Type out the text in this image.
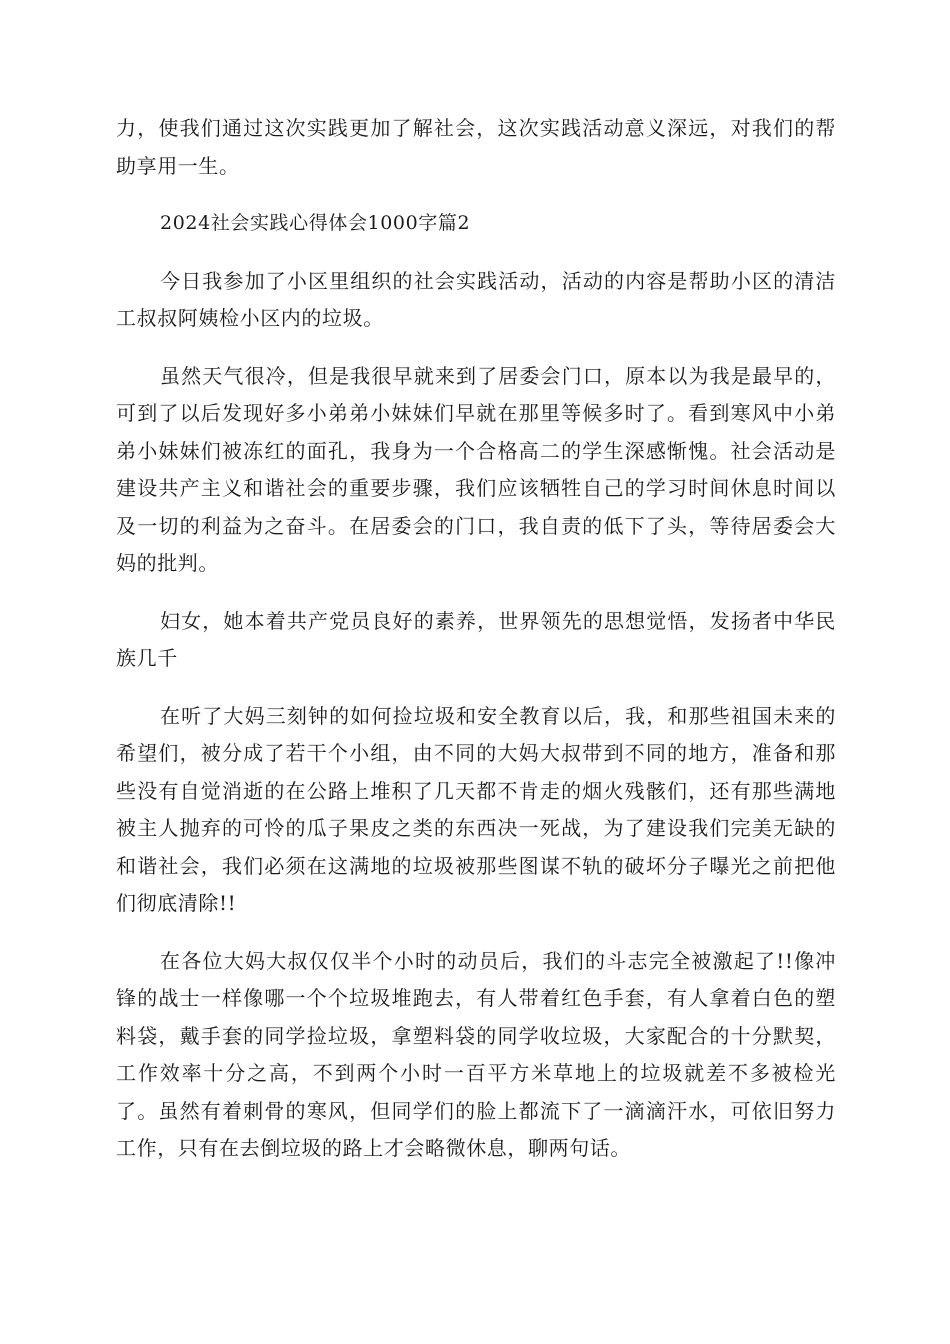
力，使我们通过这次实践更加了解社会，这次实践活动意义深远，对我们的帮助享用一生。

2024社会实践心得体会1000字篇2

今日我参加了小区里组织的社会实践活动，活动的内容是帮助小区的清洁工叔叔阿姨检小区内的垃圾。

虽然天气很冷，但是我很早就来到了居委会门口，原本以为我是最早的，可到了以后发现好多小弟弟小妹妹们早就在那里等候多时了。看到寒风中小弟弟小妹妹们被冻红的面孔，我身为一个合格高二的学生深感惭愧。社会活动是建设共产主义和谐社会的重要步骤，我们应该牺牲自己的学习时间休息时间以及一切的利益为之奋斗。在居委会的门口，我自责的低下了头，等待居委会大妈的批判。

妇女，她本着共产党员良好的素养，世界领先的思想觉悟，发扬者中华民族几千

在听了大妈三刻钟的如何捡垃圾和安全教育以后，我，和那些祖国未来的希望们，被分成了若干个小组，由不同的大妈大叔带到不同的地方，准备和那些没有自觉消逝的在公路上堆积了几天都不肯走的烟火残骸们，还有那些满地被主人抛弃的可怜的瓜子果皮之类的东西决一死战，为了建设我们完美无缺的和谐社会，我们必须在这满地的垃圾被那些图谋不轨的破坏分子曝光之前把他们彻底清除!!

在各位大妈大叔仅仅半个小时的动员后，我们的斗志完全被激起了!!像冲锋的战士一样像哪一个个垃圾堆跑去，有人带着红色手套，有人拿着白色的塑料袋，戴手套的同学捡垃圾，拿塑料袋的同学收垃圾，大家配合的十分默契，工作效率十分之高，不到两个小时一百平方米草地上的垃圾就差不多被检光了。虽然有着刺骨的寒风，但同学们的脸上都流下了一滴滴汗水，可依旧努力工作，只有在去倒垃圾的路上才会略微休息，聊两句话。
